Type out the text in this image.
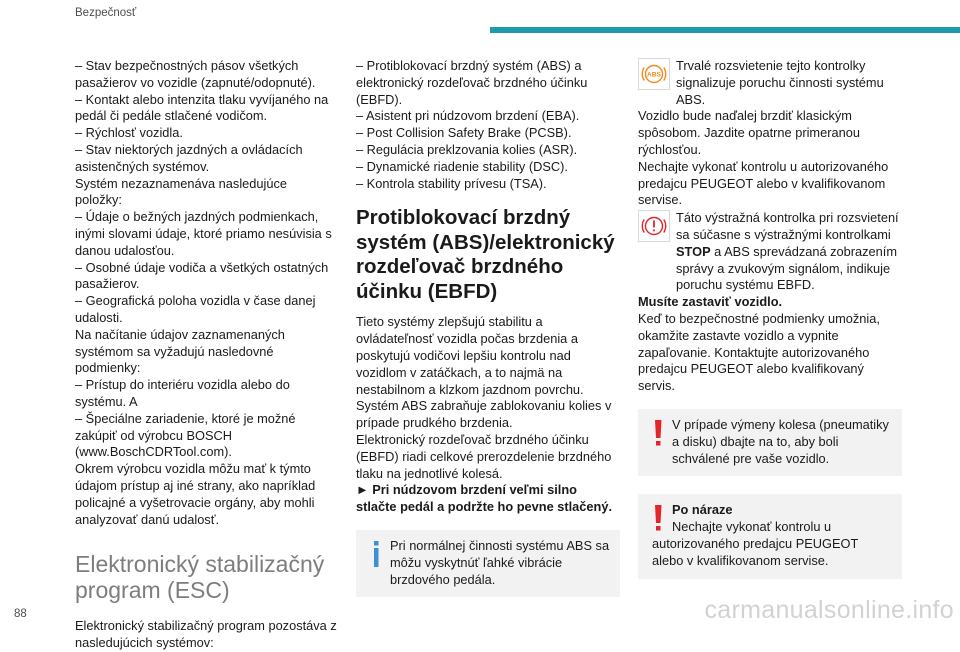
Bezpečnosť

– Stav bezpečnostných pásov všetkých pasažierov vo vozidle (zapnuté/odopnuté).

– Kontakt alebo intenzita tlaku vyvíjaného na pedál či pedále stlačené vodičom.

– Rýchlosť vozidla.

– Stav niektorých jazdných a ovládacích asistenčných systémov.

Systém nezaznamenáva nasledujúce položky:

– Údaje o bežných jazdných podmienkach, inými slovami údaje, ktoré priamo nesúvisia s danou udalosťou.

– Osobné údaje vodiča a všetkých ostatných pasažierov.

– Geografická poloha vozidla v čase danej udalosti.

Na načítanie údajov zaznamenaných systémom sa vyžadujú nasledovné podmienky:

– Prístup do interiéru vozidla alebo do systému. A

– Špeciálne zariadenie, ktoré je možné zakúpiť od výrobcu BOSCH (www.BoschCDRTool.com).

Okrem výrobcu vozidla môžu mať k týmto údajom prístup aj iné strany, ako napríklad policajné a vyšetrovacie orgány, aby mohli analyzovať danú udalosť.

Elektronický stabilizačný program (ESC)

Elektronický stabilizačný program pozostáva z nasledujúcich systémov:

– Protiblokovací brzdný systém (ABS) a elektronický rozdeľovač brzdného účinku (EBFD).

– Asistent pri núdzovom brzdení (EBA).

– Post Collision Safety Brake (PCSB).

– Regulácia preklzovania kolies (ASR).

– Dynamické riadenie stability (DSC).

– Kontrola stability prívesu (TSA).

Protiblokovací brzdný systém (ABS)/elektronický rozdeľovač brzdného účinku (EBFD)

Tieto systémy zlepšujú stabilitu a ovládateľnosť vozidla počas brzdenia a poskytujú vodičovi lepšiu kontrolu nad vozidlom v zatáčkach, a to najmä na nestabilnom a klzkom jazdnom povrchu.

Systém ABS zabraňuje zablokovaniu kolies v prípade prudkého brzdenia.

Elektronický rozdeľovač brzdného účinku (EBFD) riadi celkové prerozdelenie brzdného tlaku na jednotlivé kolesá.

► Pri núdzovom brzdení veľmi silno stlačte pedál a podržte ho pevne stlačený.

Pri normálnej činnosti systému ABS sa môžu vyskytnúť ľahké vibrácie brzdového pedála.
ABS

Trvalé rozsvietenie tejto kontrolky signalizuje poruchu činnosti systému ABS.

Vozidlo bude naďalej brzdiť klasickým spôsobom. Jazdite opatrne primeranou rýchlosťou.

Nechajte vykonať kontrolu u autorizovaného predajcu PEUGEOT alebo v kvalifikovanom servise.

Táto výstražná kontrolka pri rozsvietení sa súčasne s výstražnými kontrolkami STOP a ABS sprevádzaná zobrazením správy a zvukovým signálom, indikuje poruchu systému EBFD.

Musíte zastaviť vozidlo.

Keď to bezpečnostné podmienky umožnia, okamžite zastavte vozidlo a vypnite zapaľovanie. Kontaktujte autorizovaného predajcu PEUGEOT alebo kvalifikovaný servis.

V prípade výmeny kolesa (pneumatiky a disku) dbajte na to, aby boli schválené pre vaše vozidlo.
Po náraze
Nechajte vykonať kontrolu u autorizovaného predajcu PEUGEOT alebo v kvalifikovanom servise.
88	carmanualsonline.info
